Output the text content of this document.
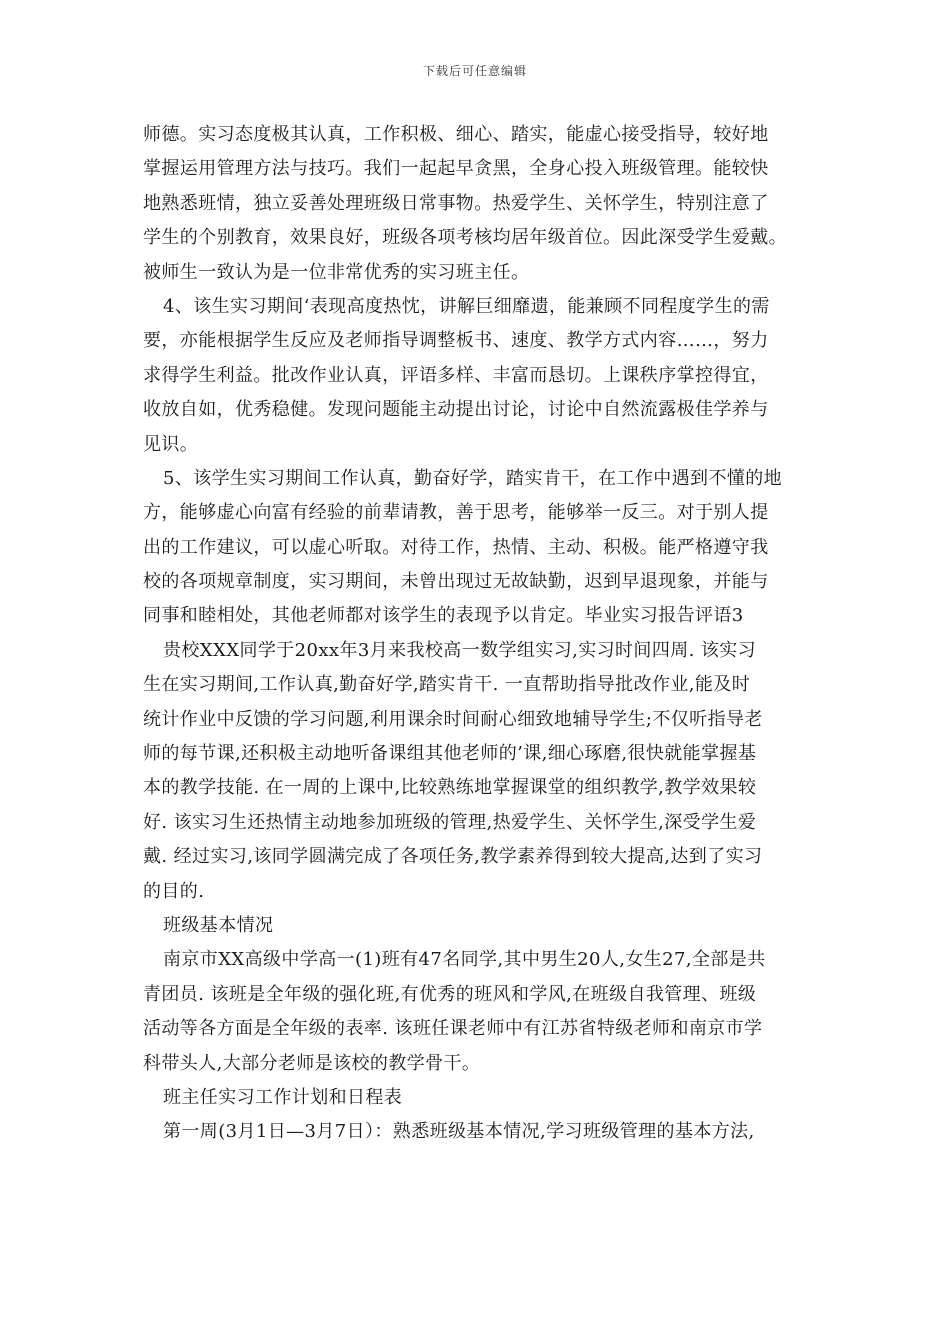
下载后可任意编辑
师德。实习态度极其认真，工作积极、细心、踏实，能虚心接受指导，较好地
掌握运用管理方法与技巧。我们一起起早贪黑，全身心投入班级管理。能较快
地熟悉班情，独立妥善处理班级日常事物。热爱学生、关怀学生，特别注意了
学生的个别教育，效果良好，班级各项考核均居年级首位。因此深受学生爱戴。
被师生一致认为是一位非常优秀的实习班主任。
4、该生实习期间‘表现高度热忱，讲解巨细靡遗，能兼顾不同程度学生的需
要，亦能根据学生反应及老师指导调整板书、速度、教学方式内容……，努力
求得学生利益。批改作业认真，评语多样、丰富而恳切。上课秩序掌控得宜，
收放自如，优秀稳健。发现问题能主动提出讨论，讨论中自然流露极佳学养与
见识。
5、该学生实习期间工作认真，勤奋好学，踏实肯干，在工作中遇到不懂的地
方，能够虚心向富有经验的前辈请教，善于思考，能够举一反三。对于别人提
出的工作建议，可以虚心听取。对待工作，热情、主动、积极。能严格遵守我
校的各项规章制度，实习期间，未曾出现过无故缺勤，迟到早退现象，并能与
同事和睦相处，其他老师都对该学生的表现予以肯定。毕业实习报告评语3
贵校XXX同学于20xx年3月来我校高一数学组实习,实习时间四周. 该实习
生在实习期间,工作认真,勤奋好学,踏实肯干. 一直帮助指导批改作业,能及时
统计作业中反馈的学习问题,利用课余时间耐心细致地辅导学生;不仅听指导老
师的每节课,还积极主动地听备课组其他老师的’课,细心琢磨,很快就能掌握基
本的教学技能. 在一周的上课中,比较熟练地掌握课堂的组织教学,教学效果较
好. 该实习生还热情主动地参加班级的管理,热爱学生、关怀学生,深受学生爱
戴. 经过实习,该同学圆满完成了各项任务,教学素养得到较大提高,达到了实习
的目的.
班级基本情况
南京市XX高级中学高一(1)班有47名同学,其中男生20人,女生27,全部是共
青团员. 该班是全年级的强化班,有优秀的班风和学风,在班级自我管理、班级
活动等各方面是全年级的表率. 该班任课老师中有江苏省特级老师和南京市学
科带头人,大部分老师是该校的教学骨干。
班主任实习工作计划和日程表
第一周(3月1日—3月7日）：熟悉班级基本情况,学习班级管理的基本方法,
